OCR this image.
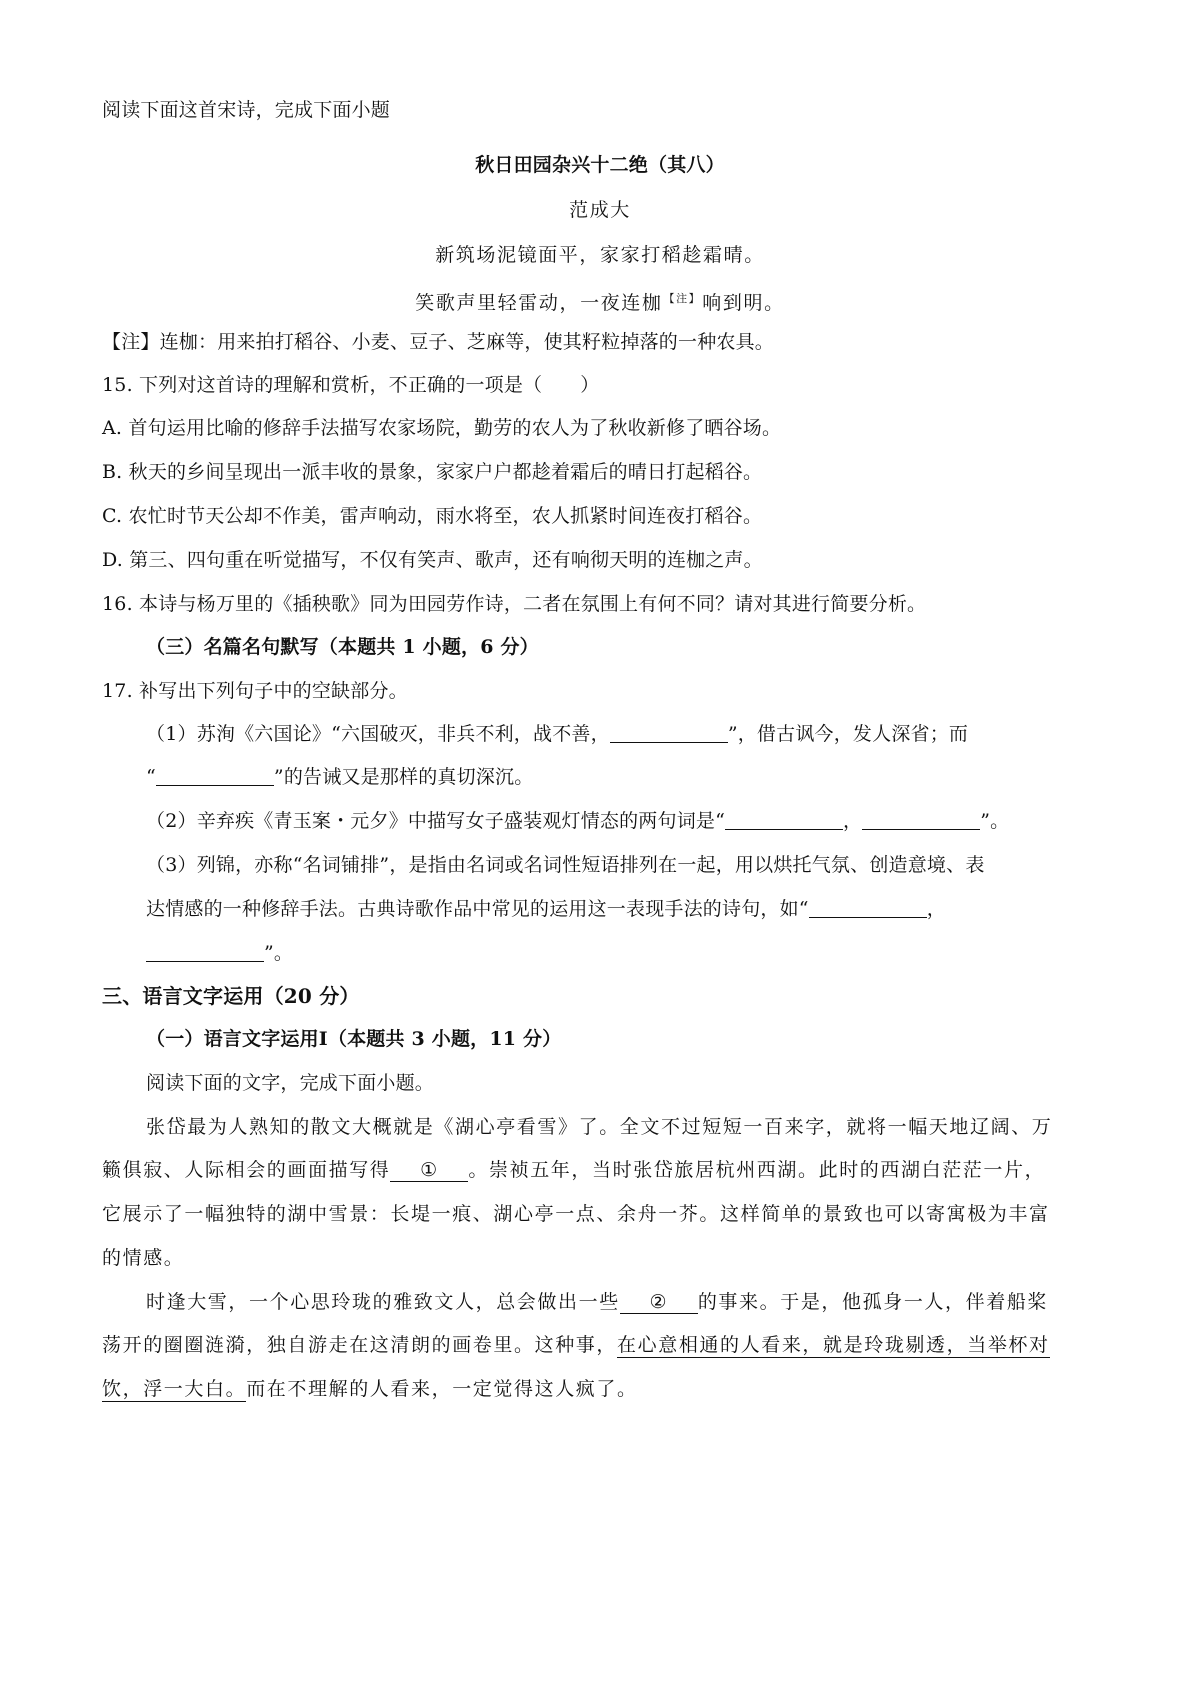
阅读下面这首宋诗，完成下面小题
秋日田园杂兴十二绝（其八）
范成大
新筑场泥镜面平，家家打稻趁霜晴。
笑歌声里轻雷动，一夜连枷$^{【注】}$响到明。
【注】连枷：用来拍打稻谷、小麦、豆子、芝麻等，使其籽粒掉落的一种农具。
15. 下列对这首诗的理解和赏析，不正确的一项是（ ）
A. 首句运用比喻的修辞手法描写农家场院，勤劳的农人为了秋收新修了晒谷场。
B. 秋天的乡间呈现出一派丰收的景象，家家户户都趁着霜后的晴日打起稻谷。
C. 农忙时节天公却不作美，雷声响动，雨水将至，农人抓紧时间连夜打稻谷。
D. 第三、四句重在听觉描写，不仅有笑声、歌声，还有响彻天明的连枷之声。
16. 本诗与杨万里的《插秧歌》同为田园劳作诗，二者在氛围上有何不同？请对其进行简要分析。
（三）名篇名句默写（本题共 1 小题，6 分）
17. 补写出下列句子中的空缺部分。
（1）苏洵《六国论》“六国破灭，非兵不利，战不善，	”，借古讽今，发人深省；而
“	”的告诫又是那样的真切深沉。
（2）辛弃疾《青玉案・元夕》中描写女子盛装观灯情态的两句词是“	，	”。
（3）列锦，亦称“名词铺排”，是指由名词或名词性短语排列在一起，用以烘托气氛、创造意境、表
达情感的一种修辞手法。古典诗歌作品中常见的运用这一表现手法的诗句，如“	，
”。
三、语言文字运用（20 分）
（一）语言文字运用Ⅰ（本题共 3 小题，11 分）
阅读下面的文字，完成下面小题。
张岱最为人熟知的散文大概就是《湖心亭看雪》了。全文不过短短一百来字，就将一幅天地辽阔、万
籁俱寂、人际相会的画面描写得 ① 。崇祯五年，当时张岱旅居杭州西湖。此时的西湖白茫茫一片，
它展示了一幅独特的湖中雪景：长堤一痕、湖心亭一点、余舟一芥。这样简单的景致也可以寄寓极为丰富
的情感。
时逢大雪，一个心思玲珑的雅致文人，总会做出一些 ② 的事来。于是，他孤身一人，伴着船桨
荡开的圈圈涟漪，独自游走在这清朗的画卷里。这种事，在心意相通的人看来，就是玲珑剔透，当举杯对
饮，浮一大白。而在不理解的人看来，一定觉得这人疯了。
